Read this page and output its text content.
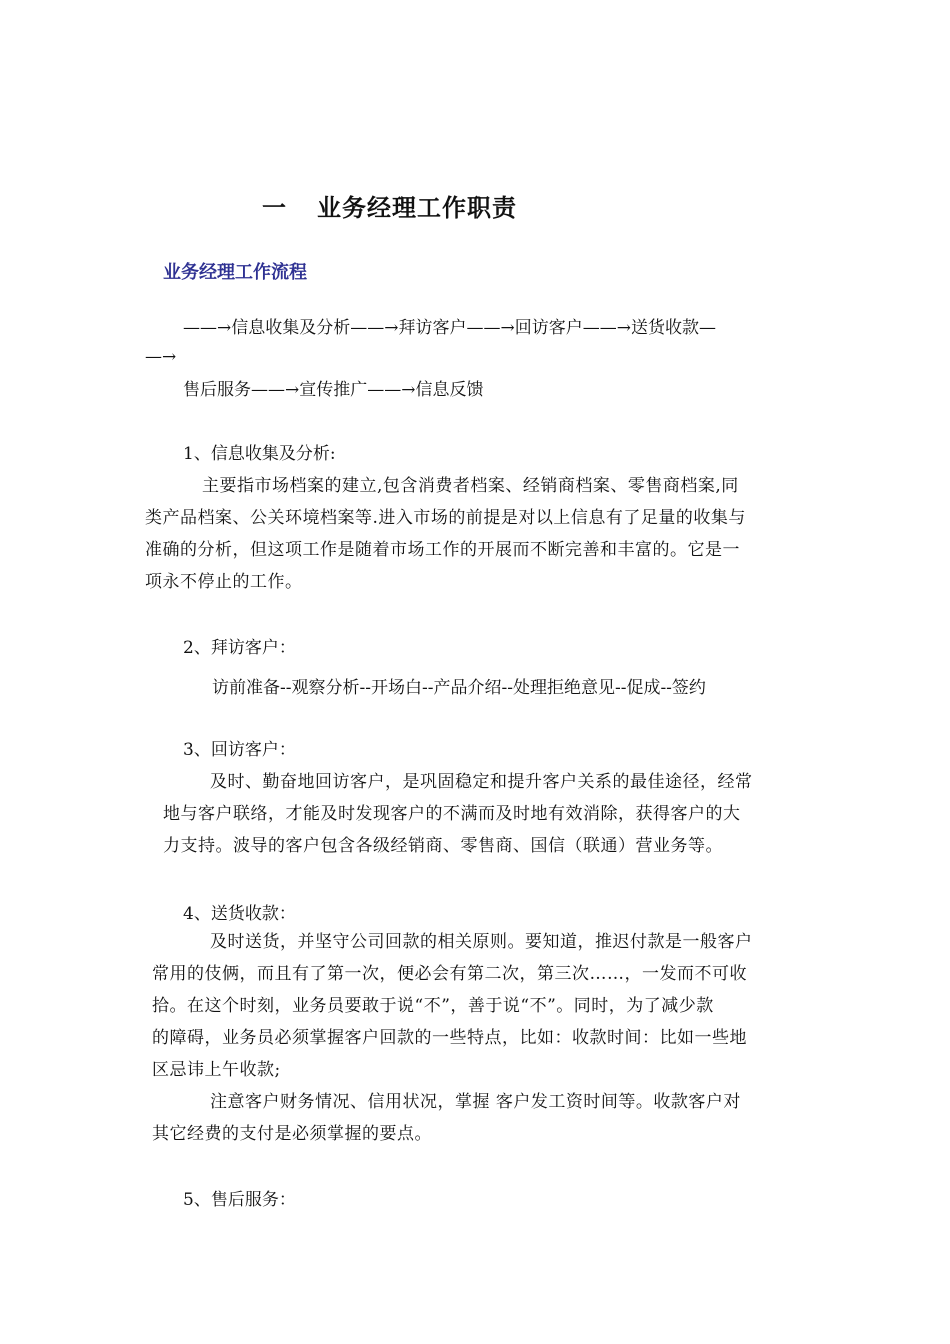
一 业务经理工作职责
业务经理工作流程
——→信息收集及分析——→拜访客户——→回访客户——→送货收款—
—→
售后服务——→宣传推广——→信息反馈
1、信息收集及分析:
主要指市场档案的建立,包含消费者档案、经销商档案、零售商档案,同
类产品档案、公关环境档案等.进入市场的前提是对以上信息有了足量的收集与
准确的分析，但这项工作是随着市场工作的开展而不断完善和丰富的。它是一
项永不停止的工作。
2、拜访客户：
访前准备--观察分析--开场白--产品介绍--处理拒绝意见--促成--签约
3、回访客户：
及时、勤奋地回访客户，是巩固稳定和提升客户关系的最佳途径，经常
地与客户联络，才能及时发现客户的不满而及时地有效消除，获得客户的大
力支持。波导的客户包含各级经销商、零售商、国信（联通）营业务等。
4、送货收款：
及时送货，并坚守公司回款的相关原则。要知道，推迟付款是一般客户
常用的伎俩，而且有了第一次，便必会有第二次，第三次……，一发而不可收
拾。在这个时刻，业务员要敢于说“不”，善于说“不”。同时，为了减少款
的障碍，业务员必须掌握客户回款的一些特点，比如：收款时间：比如一些地
区忌讳上午收款;
注意客户财务情况、信用状况，掌握 客户发工资时间等。收款客户对
其它经费的支付是必须掌握的要点。
5、售后服务：
